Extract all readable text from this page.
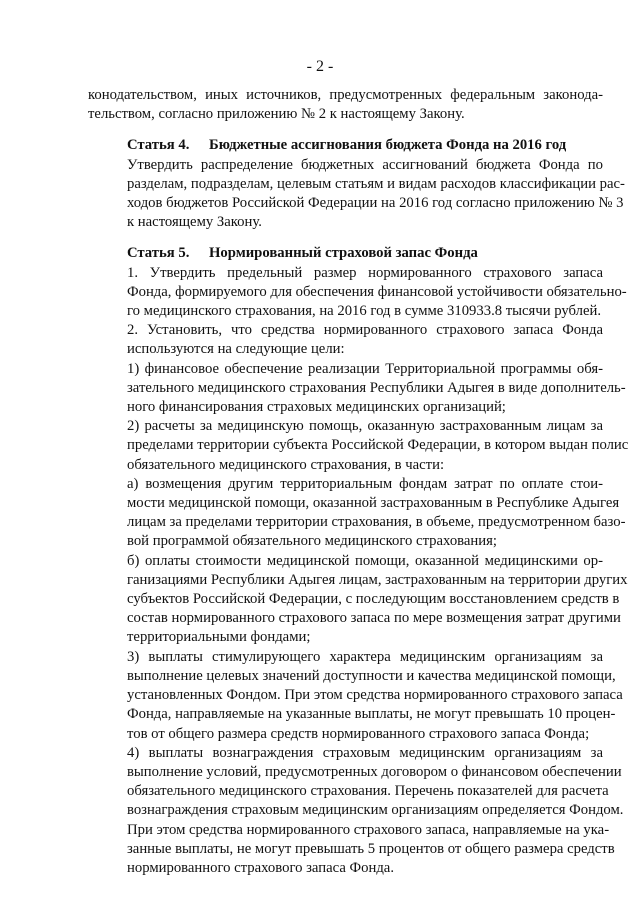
- 2 -

конодательством, иных источников, предусмотренных федеральным законода-
тельством, согласно приложению № 2 к настоящему Закону.

Статья 4. Бюджетные ассигнования бюджета Фонда на 2016 год

Утвердить распределение бюджетных ассигнований бюджета Фонда по
разделам, подразделам, целевым статьям и видам расходов классификации рас-
ходов бюджетов Российской Федерации на 2016 год согласно приложению № 3
к настоящему Закону.

Статья 5. Нормированный страховой запас Фонда

1. Утвердить предельный размер нормированного страхового запаса
Фонда, формируемого для обеспечения финансовой устойчивости обязательно-
го медицинского страхования, на 2016 год в сумме 310933.8 тысячи рублей.

2. Установить, что средства нормированного страхового запаса Фонда
используются на следующие цели:

1) финансовое обеспечение реализации Территориальной программы обя-
зательного медицинского страхования Республики Адыгея в виде дополнитель-
ного финансирования страховых медицинских организаций;

2) расчеты за медицинскую помощь, оказанную застрахованным лицам за
пределами территории субъекта Российской Федерации, в котором выдан полис
обязательного медицинского страхования, в части:

а) возмещения другим территориальным фондам затрат по оплате стои-
мости медицинской помощи, оказанной застрахованным в Республике Адыгея
лицам за пределами территории страхования, в объеме, предусмотренном базо-
вой программой обязательного медицинского страхования;

б) оплаты стоимости медицинской помощи, оказанной медицинскими ор-
ганизациями Республики Адыгея лицам, застрахованным на территории других
субъектов Российской Федерации, с последующим восстановлением средств в
состав нормированного страхового запаса по мере возмещения затрат другими
территориальными фондами;

3) выплаты стимулирующего характера медицинским организациям за
выполнение целевых значений доступности и качества медицинской помощи,
установленных Фондом. При этом средства нормированного страхового запаса
Фонда, направляемые на указанные выплаты, не могут превышать 10 процен-
тов от общего размера средств нормированного страхового запаса Фонда;

4) выплаты вознаграждения страховым медицинским организациям за
выполнение условий, предусмотренных договором о финансовом обеспечении
обязательного медицинского страхования. Перечень показателей для расчета
вознаграждения страховым медицинским организациям определяется Фондом.
При этом средства нормированного страхового запаса, направляемые на ука-
занные выплаты, не могут превышать 5 процентов от общего размера средств
нормированного страхового запаса Фонда.
